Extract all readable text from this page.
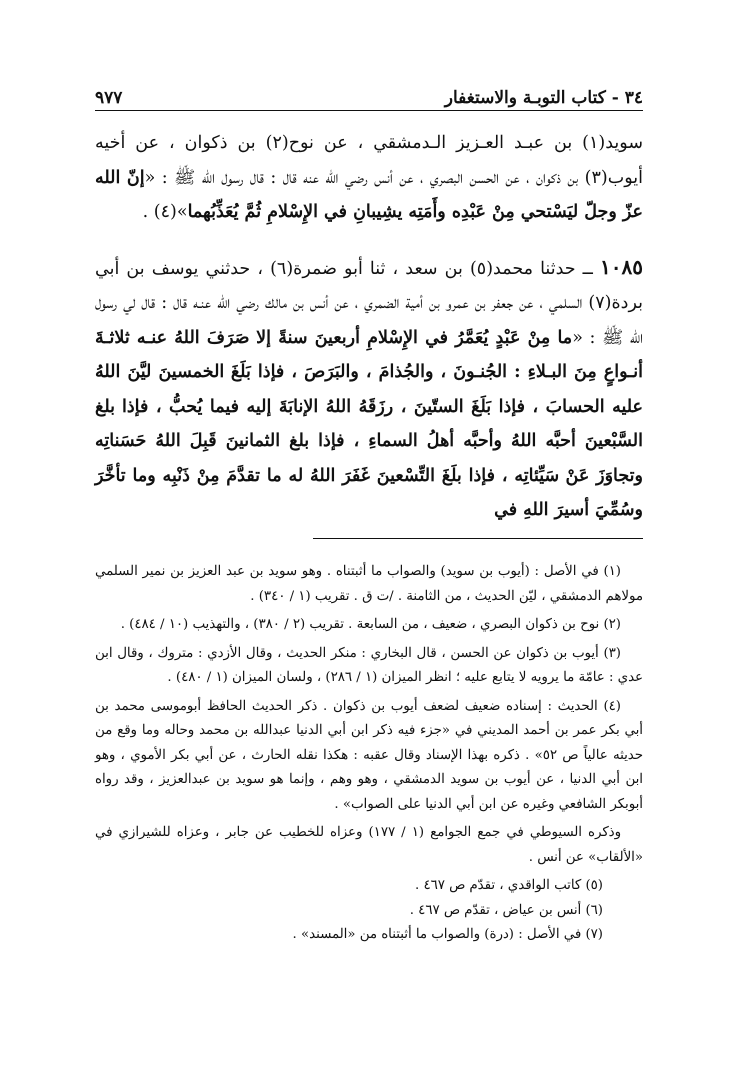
٣٤ - كتاب التوبـة والاستغفار
٩٧٧

سويد(١) بن عبـد العـزيز الـدمشقي ، عن نوح(٢) بن ذكوان ، عن أخيه أيوب(٣) بن ذكوان ، عن الحسن البصري ، عن أنس رضي الله عنه قال : قال رسول الله ﷺ : «إنّ الله عزّ وجلّ ليَسْتحي مِنْ عَبْدِه وأَمَتِه يشِيبانِ في الإِسْلامِ ثُمَّ يُعَذِّبُهما»(٤) .

١٠٨٥ ــ حدثنا محمد(٥) بن سعد ، ثنا أبو ضمرة(٦) ، حدثني يوسف بن أبي بردة(٧) السلمي ، عن جعفر بن عمرو بن أمية الضمري ، عن أنس بن مالك رضي الله عنـه قال : قال لي رسول الله ﷺ : «ما مِنْ عَبْدٍ يُعَمَّرُ في الإِسْلامِ أربعينَ سنةً إلا صَرَفَ اللهُ عنـه ثلاثـةَ أنـواعٍ مِنَ البـلاءِ : الجُنـونَ ، والجُذامَ ، والبَرَصَ ، فإذا بَلَغَ الخمسينَ ليَّنَ اللهُ عليه الحسابَ ، فإذا بَلَغَ الستّينَ ، رزَقَهُ اللهُ الإنابَةَ إليه فيما يُحبُّ ، فإذا بلغ السَّبْعينَ أحبَّه اللهُ وأحبَّه أهلُ السماءِ ، فإذا بلغ الثمانينَ قَبِلَ اللهُ حَسَناتِه وتجاوَزَ عَنْ سَيِّئاتِه ، فإذا بلَغَ التِّسْعينَ غَفَرَ اللهُ له ما تقدَّمَ مِنْ ذَنْبِه وما تأخَّرَ وسُمِّيَ أسيرَ اللهِ في

(١) في الأصل : (أيوب بن سويد) والصواب ما أثبتناه . وهو سويد بن عبد العزيز بن نمير السلمي مولاهم الدمشقي ، ليّن الحديث ، من الثامنة . /ت ق . تقريب (١ / ٣٤٠) .

(٢) نوح بن ذكوان البصري ، ضعيف ، من السابعة . تقريب (٢ / ٣٨٠) ، والتهذيب (١٠ / ٤٨٤) .

(٣) أيوب بن ذكوان عن الحسن ، قال البخاري : منكر الحديث ، وقال الأزدي : متروك ، وقال ابن عدي : عامّة ما يرويه لا يتابع عليه ؛ انظر الميزان (١ / ٢٨٦) ، ولسان الميزان (١ / ٤٨٠) .

(٤) الحديث : إسناده ضعيف لضعف أيوب بن ذكوان . ذكر الحديث الحافظ أبوموسى محمد بن أبي بكر عمر بن أحمد المديني في «جزء فيه ذكر ابن أبي الدنيا عبدالله بن محمد وحاله وما وقع من حديثه عالياً ص ٥٢» . ذكره بهذا الإسناد وقال عقبه : هكذا نقله الحارث ، عن أبي بكر الأموي ، وهو ابن أبي الدنيا ، عن أيوب بن سويد الدمشقي ، وهو وهم ، وإنما هو سويد بن عبدالعزيز ، وقد رواه أبوبكر الشافعي وغيره عن ابن أبي الدنيا على الصواب» .

وذكره السيوطي في جمع الجوامع (١ / ١٧٧) وعزاه للخطيب عن جابر ، وعزاه للشيرازي في «الألقاب» عن أنس .

(٥) كاتب الواقدي ، تقدّم ص ٤٦٧ .

(٦) أنس بن عياض ، تقدّم ص ٤٦٧ .

(٧) في الأصل : (درة) والصواب ما أثبتناه من «المسند» .
